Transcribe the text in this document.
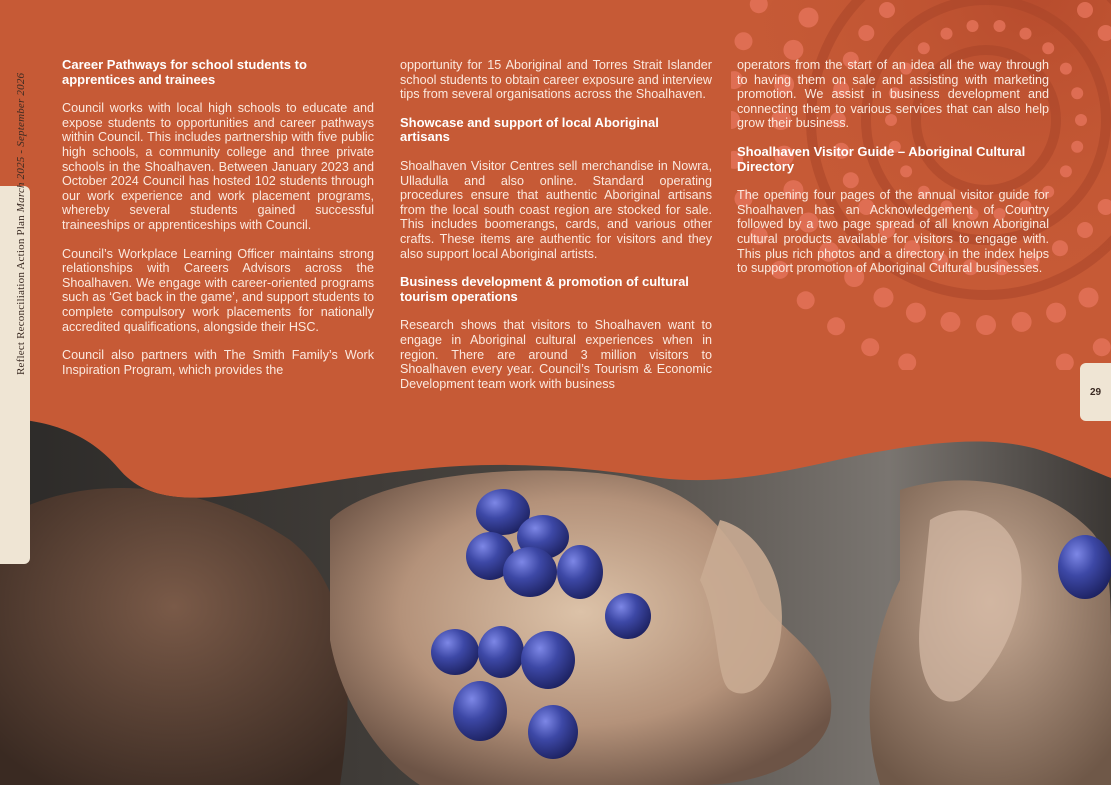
Career Pathways for school students to apprentices and trainees

Council works with local high schools to educate and expose students to opportunities and career pathways within Council. This includes partnership with five public high schools, a community college and three private schools in the Shoalhaven. Between January 2023 and October 2024 Council has hosted 102 students through our work experience and work placement programs, whereby several students gained successful traineeships or apprenticeships with Council.

Council’s Workplace Learning Officer maintains strong relationships with Careers Advisors across the Shoalhaven. We engage with career-oriented programs such as ‘Get back in the game’, and support students to complete compulsory work placements for nationally accredited qualifications, alongside their HSC.

Council also partners with The Smith Family’s Work Inspiration Program, which provides the

opportunity for 15 Aboriginal and Torres Strait Islander school students to obtain career exposure and interview tips from several organisations across the Shoalhaven.

Showcase and support of local Aboriginal artisans

Shoalhaven Visitor Centres sell merchandise in Nowra, Ulladulla and also online. Standard operating procedures ensure that authentic Aboriginal artisans from the local south coast region are stocked for sale. This includes boomerangs, cards, and various other crafts. These items are authentic for visitors and they also support local Aboriginal artists.

Business development & promotion of cultural tourism operations

Research shows that visitors to Shoalhaven want to engage in Aboriginal cultural experiences when in region. There are around 3 million visitors to Shoalhaven every year. Council’s Tourism & Economic Development team work with business

operators from the start of an idea all the way through to having them on sale and assisting with marketing promotion. We assist in business development and connecting them to various services that can also help grow their business.

Shoalhaven Visitor Guide – Aboriginal Cultural Directory

The opening four pages of the annual visitor guide for Shoalhaven has an Acknowledgement of Country followed by a two page spread of all known Aboriginal cultural products available for visitors to engage with. This plus rich photos and a directory in the index helps to support promotion of Aboriginal Cultural businesses.

Reflect Reconciliation Action Plan March 2025 - September 2026
29
